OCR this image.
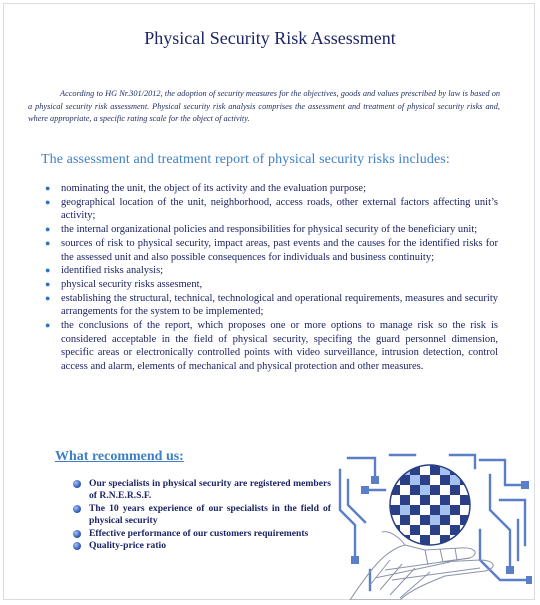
Physical Security Risk Assessment

According to HG Nr.301/2012, the adoption of security measures for the objectives, goods and values prescribed by law is based on a physical security risk assessment. Physical security risk analysis comprises the assessment and treatment of physical security risks and, where appropriate, a specific rating scale for the object of activity.

The assessment and treatment report of physical security risks includes:
● nominating the unit, the object of its activity and the evaluation purpose;
● geographical location of the unit, neighborhood, access roads, other external factors affecting unit’s activity;
● the internal organizational policies and responsibilities for physical security of the beneficiary unit;
● sources of risk to physical security, impact areas, past events and the causes for the identified risks for the assessed unit and also possible consequences for individuals and business continuity;
● identified risks analysis;
● physical security risks assesment,
● establishing the structural, technical, technological and operational requirements, measures and security arrangements for the system to be implemented;
● the conclusions of the report, which proposes one or more options to manage risk so the risk is considered acceptable in the field of physical security, specifing the guard personnel dimension, specific areas or electronically controlled points with video surveillance, intrusion detection, control access and alarm, elements of mechanical and physical protection and other measures.
What recommend us:
Our specialists in physical security are registered members of R.N.E.R.S.F.
The 10 years experience of our specialists in the field of physical security
Effective performance of our customers requirements
Quality-price ratio
